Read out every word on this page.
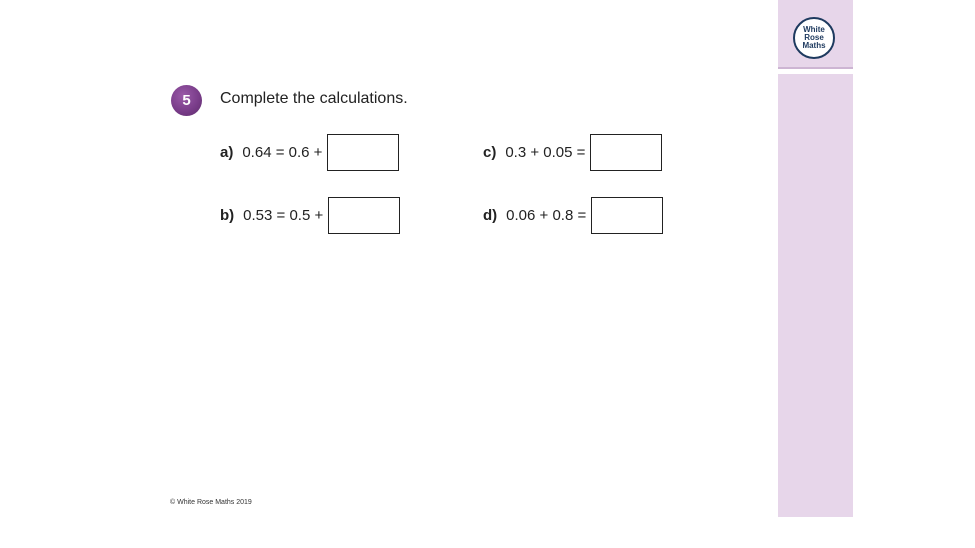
White
Rose
Maths
5	Complete the calculations.
a) 0.64 = 0.6 +
b) 0.53 = 0.5 +
c) 0.3 + 0.05 =
d) 0.06 + 0.8 =
© White Rose Maths 2019
